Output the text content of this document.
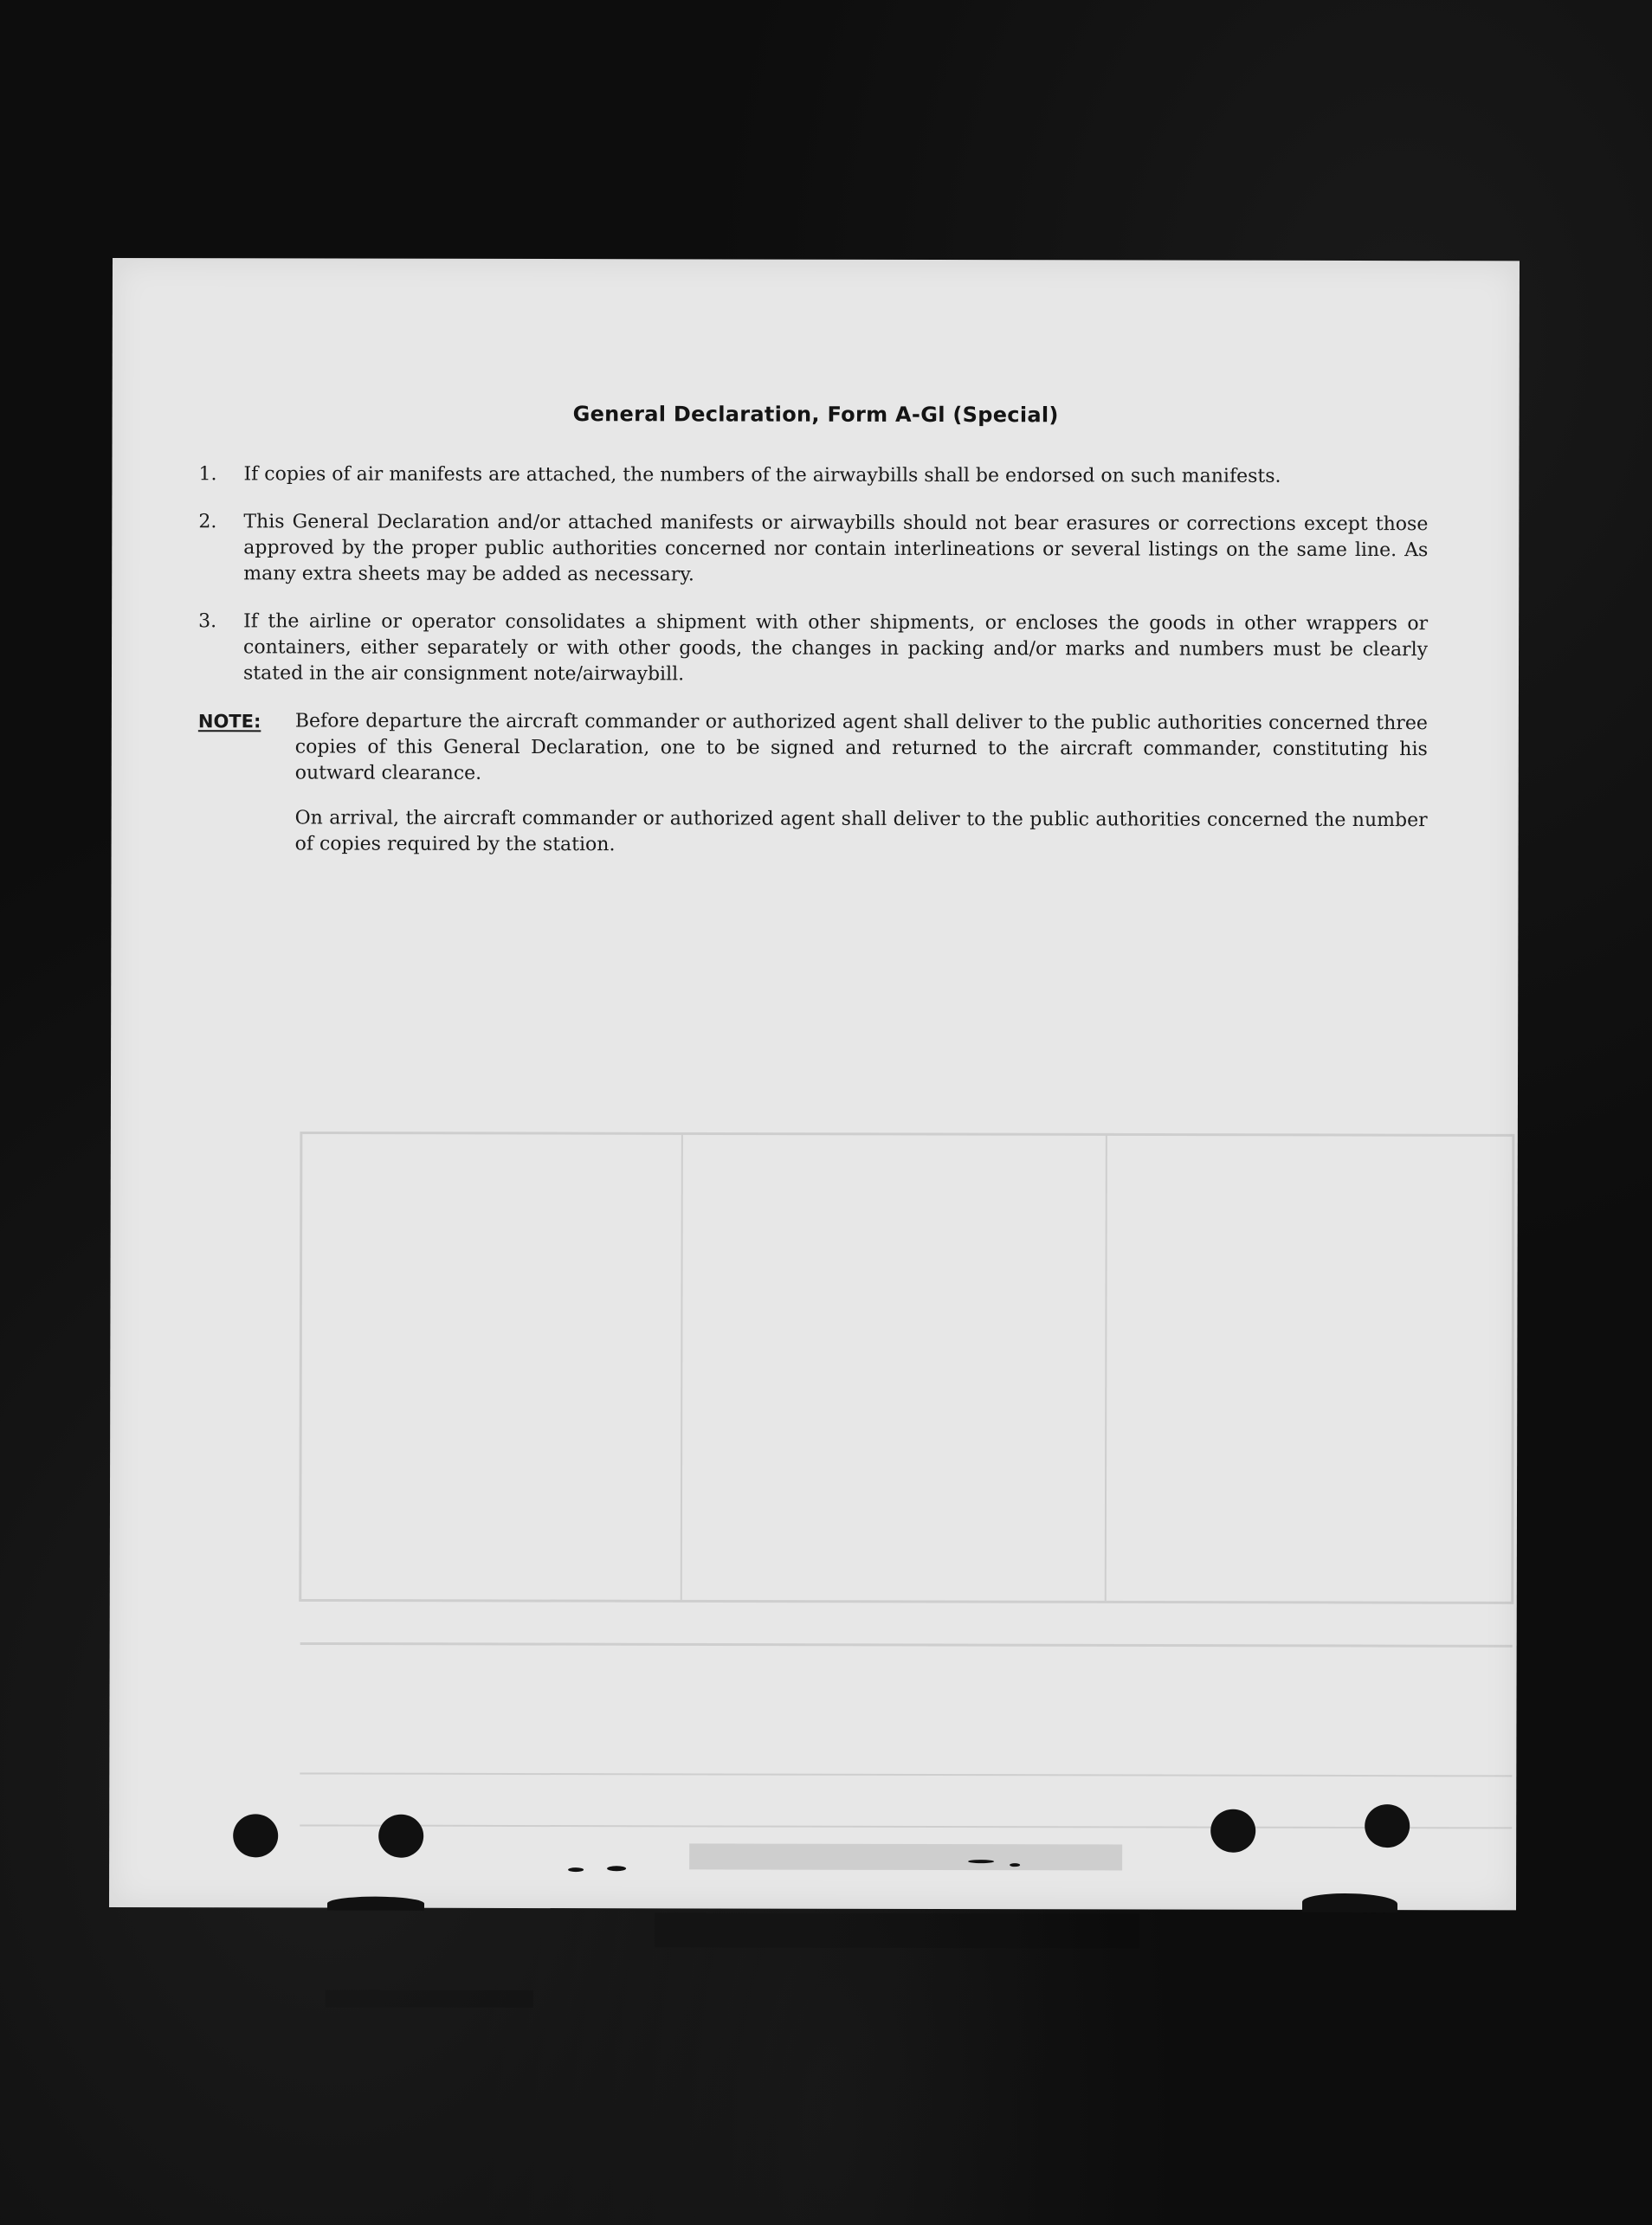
General Declaration, Form A-Gl (Special)
1.	If copies of air manifests are attached, the numbers of the airwaybills shall be endorsed on such manifests.
2.	This General Declaration and/or attached manifests or airwaybills should not bear erasures or corrections except those approved by the proper public authorities concerned nor contain interlineations or several listings on the same line. As many extra sheets may be added as necessary.
3.	If the airline or operator consolidates a shipment with other shipments, or encloses the goods in other wrappers or containers, either separately or with other goods, the changes in packing and/or marks and numbers must be clearly stated in the air consignment note/airwaybill.
NOTE: Before departure the aircraft commander or authorized agent shall deliver to the public authorities concerned three copies of this General Declaration, one to be signed and returned to the aircraft commander, constituting his outward clearance.
On arrival, the aircraft commander or authorized agent shall deliver to the public authorities concerned the number of copies required by the station.
